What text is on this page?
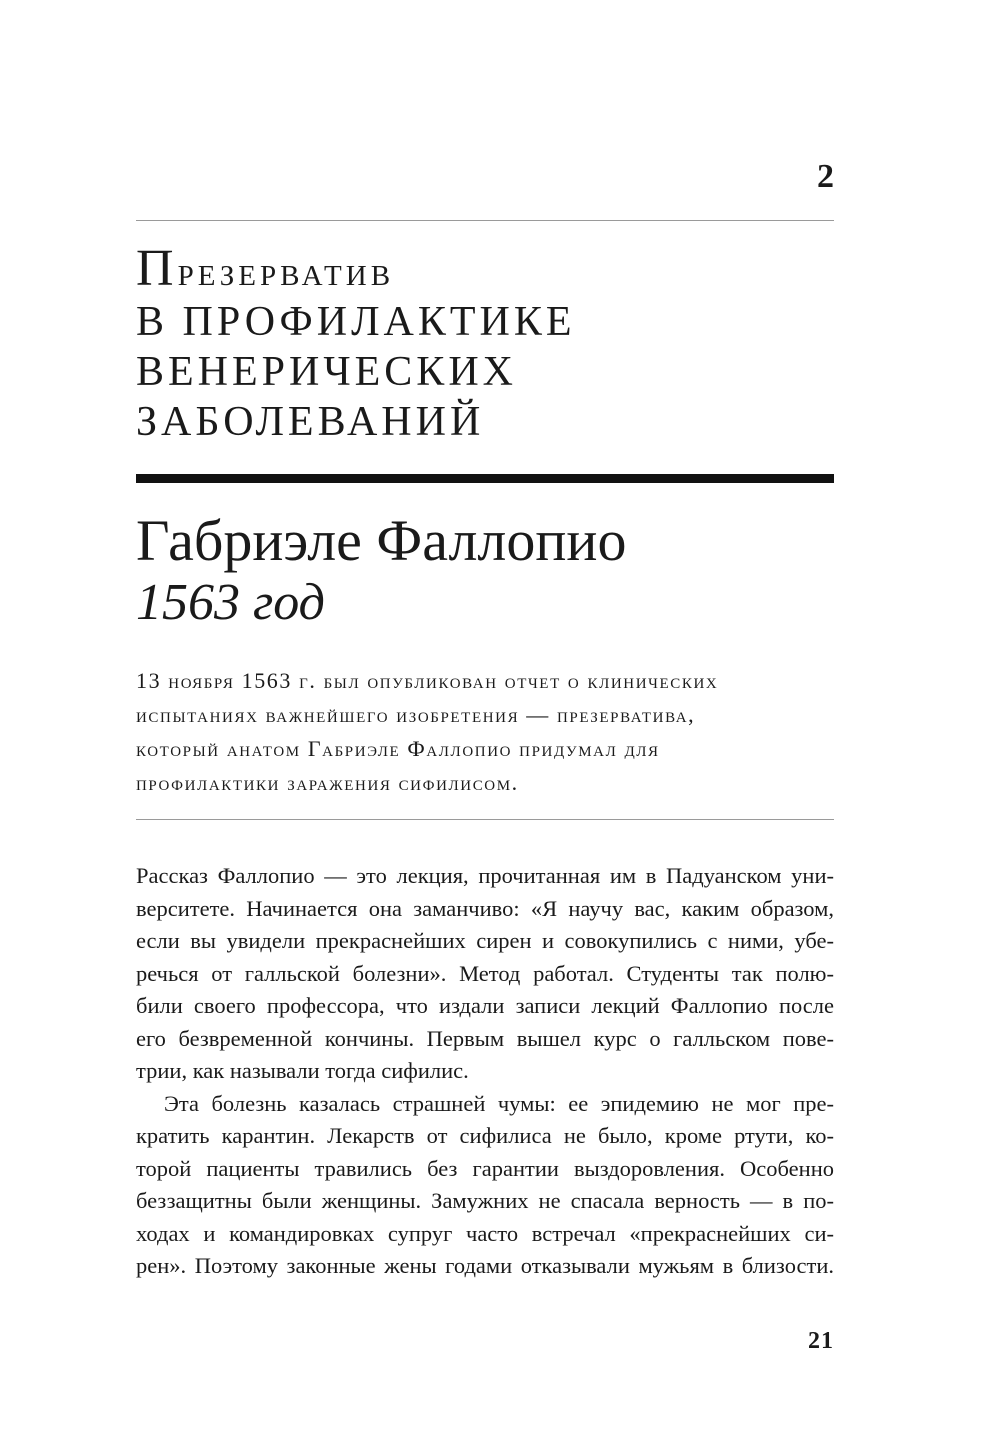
2
Презерватив
В ПРОФИЛАКТИКЕ
ВЕНЕРИЧЕСКИХ
ЗАБОЛЕВАНИЙ
Габриэле Фаллопио
1563 год

13 ноября 1563 г. был опубликован отчет о клинических
испытаниях важнейшего изобретения — презерватива,
который анатом Габриэле Фаллопио придумал для
профилактики заражения сифилисом.

Рассказ Фаллопио — это лекция, прочитанная им в Падуанском уни-
верситете. Начинается она заманчиво: «Я научу вас, каким образом,
если вы увидели прекраснейших сирен и совокупились с ними, убе-
речься от галльской болезни». Метод работал. Студенты так полю-
били своего профессора, что издали записи лекций Фаллопио после
его безвременной кончины. Первым вышел курс о галльском пове-
трии, как называли тогда сифилис.
Эта болезнь казалась страшней чумы: ее эпидемию не мог пре-
кратить карантин. Лекарств от сифилиса не было, кроме ртути, ко-
торой пациенты травились без гарантии выздоровления. Особенно
беззащитны были женщины. Замужних не спасала верность — в по-
ходах и командировках супруг часто встречал «прекраснейших си-
рен». Поэтому законные жены годами отказывали мужьям в близости.
21
